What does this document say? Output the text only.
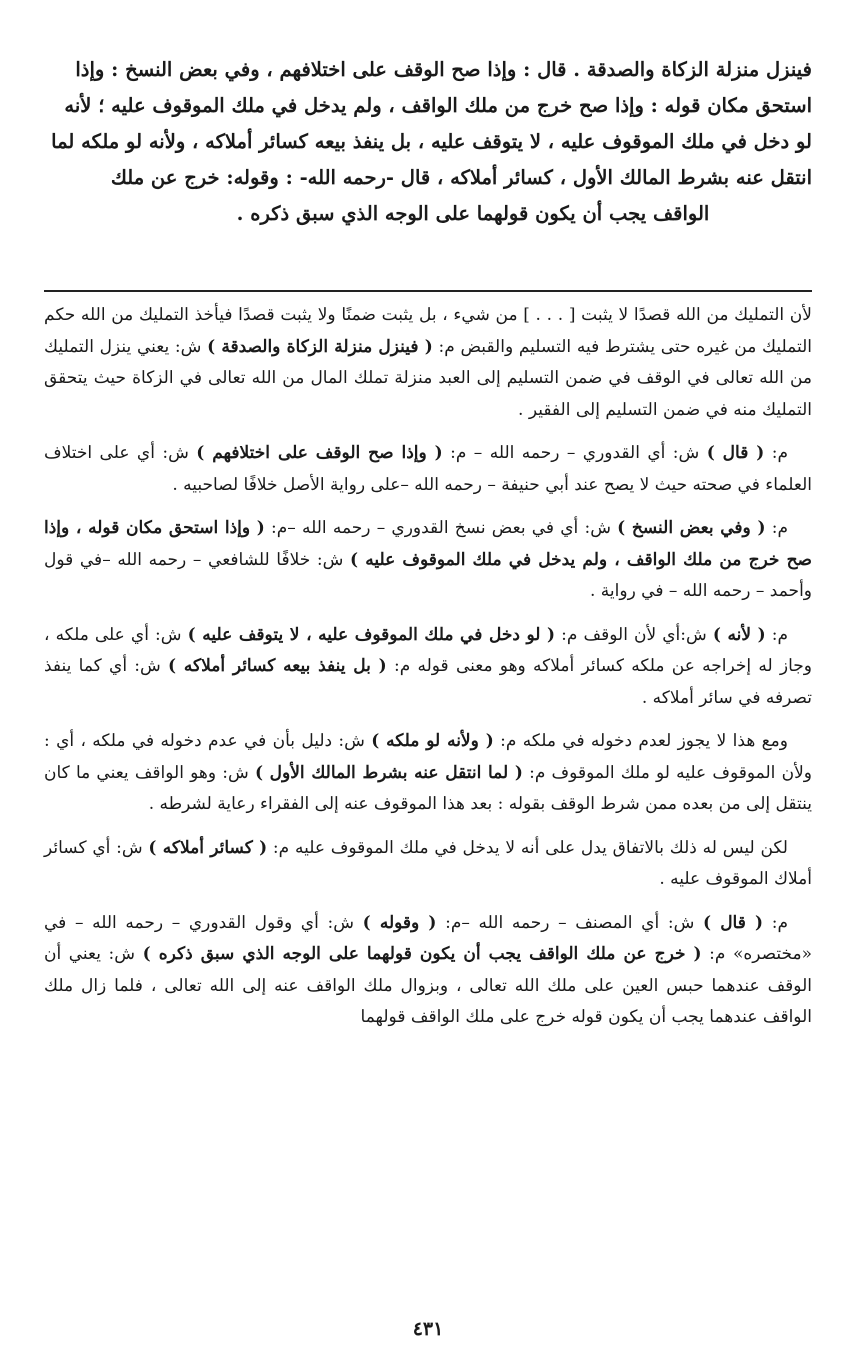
فينزل منزلة الزكاة والصدقة . قال : وإذا صح الوقف على اختلافهم ، وفي بعض النسخ : وإذا
استحق مكان قوله : وإذا صح خرج من ملك الواقف ، ولم يدخل في ملك الموقوف عليه ؛ لأنه
لو دخل في ملك الموقوف عليه ، لا يتوقف عليه ، بل ينفذ بيعه كسائر أملاكه ، ولأنه لو ملكه لما
انتقل عنه بشرط المالك الأول ، كسائر أملاكه ، قال -رحمه الله- : وقوله: خرج عن ملك
الواقف يجب أن يكون قولهما على الوجه الذي سبق ذكره .

لأن التمليك من الله قصدًا لا يثبت [ . . . ] من شيء ، بل يثبت ضمنًا ولا يثبت قصدًا فيأخذ التمليك من الله حكم التمليك من غيره حتى يشترط فيه التسليم والقبض م: ( فينزل منزلة الزكاة والصدقة ) ش: يعني ينزل التمليك من الله تعالى في الوقف في ضمن التسليم إلى العبد منزلة تملك المال من الله تعالى في الزكاة حيث يتحقق التمليك منه في ضمن التسليم إلى الفقير .

م: ( قال ) ش: أي القدوري – رحمه الله – م: ( وإذا صح الوقف على اختلافهم ) ش: أي على اختلاف العلماء في صحته حيث لا يصح عند أبي حنيفة – رحمه الله –على رواية الأصل خلافًا لصاحبيه .

م: ( وفي بعض النسخ ) ش: أي في بعض نسخ القدوري – رحمه الله –م: ( وإذا استحق مكان قوله ، وإذا صح خرج من ملك الواقف ، ولم يدخل في ملك الموقوف عليه ) ش: خلافًا للشافعي – رحمه الله –في قول وأحمد – رحمه الله – في رواية .

م: ( لأنه ) ش:أي لأن الوقف م: ( لو دخل في ملك الموقوف عليه ، لا يتوقف عليه ) ش: أي على ملكه ، وجاز له إخراجه عن ملكه كسائر أملاكه وهو معنى قوله م: ( بل ينفذ بيعه كسائر أملاكه ) ش: أي كما ينفذ تصرفه في سائر أملاكه .

ومع هذا لا يجوز لعدم دخوله في ملكه م: ( ولأنه لو ملكه ) ش: دليل بأن في عدم دخوله في ملكه ، أي : ولأن الموقوف عليه لو ملك الموقوف م: ( لما انتقل عنه بشرط المالك الأول ) ش: وهو الواقف يعني ما كان ينتقل إلى من بعده ممن شرط الوقف بقوله : بعد هذا الموقوف عنه إلى الفقراء رعاية لشرطه .

لكن ليس له ذلك بالاتفاق يدل على أنه لا يدخل في ملك الموقوف عليه م: ( كسائر أملاكه ) ش: أي كسائر أملاك الموقوف عليه .

م: ( قال ) ش: أي المصنف – رحمه الله –م: ( وقوله ) ش: أي وقول القدوري – رحمه الله – في «مختصره» م: ( خرج عن ملك الواقف يجب أن يكون قولهما على الوجه الذي سبق ذكره ) ش: يعني أن الوقف عندهما حبس العين على ملك الله تعالى ، وبزوال ملك الواقف عنه إلى الله تعالى ، فلما زال ملك الواقف عندهما يجب أن يكون قوله خرج على ملك الواقف قولهما

٤٣١
